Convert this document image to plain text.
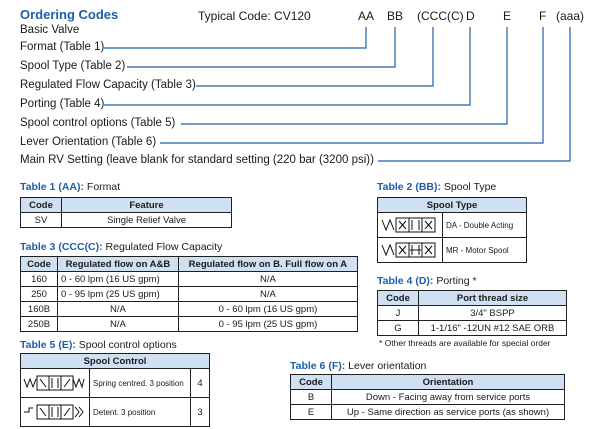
Ordering Codes	Typical Code: CV120	AA BB (CCC(C) D E F (aaa)
Basic Valve
Format (Table 1)
Spool Type (Table 2)
Regulated Flow Capacity (Table 3)
Porting (Table 4)
Spool control options (Table 5)
Lever Orientation (Table 6)
Main RV Setting (leave blank for standard setting (220 bar (3200 psi))
Table 1 (AA): Format
Code	Feature
SV	Single Relief Valve
Table 2 (BB): Spool Type
Spool Type	
	DA - Double Acting
	MR - Motor Spool
Table 3 (CCC(C): Regulated Flow Capacity
Code	Regulated flow on A&B	Regulated flow on B. Full flow on A
160	0 - 60 lpm (16 US gpm)	N/A
250	0 - 95 lpm (25 US gpm)	N/A
160B	N/A	0 - 60 lpm (16 US gpm)
250B	N/A	0 - 95 lpm (25 US gpm)
Table 4 (D): Porting *
Code	Port thread size
J	3/4" BSPP
G	1-1/16" -12UN #12 SAE ORB
* Other threads are available for special order
Table 5 (E): Spool control options
Spool Control		
	Spring centred. 3 position	4
	Detent. 3 position	3
Table 6 (F): Lever orientation
Code	Orientation
B	Down - Facing away from service ports
E	Up - Same direction as service ports (as shown)
